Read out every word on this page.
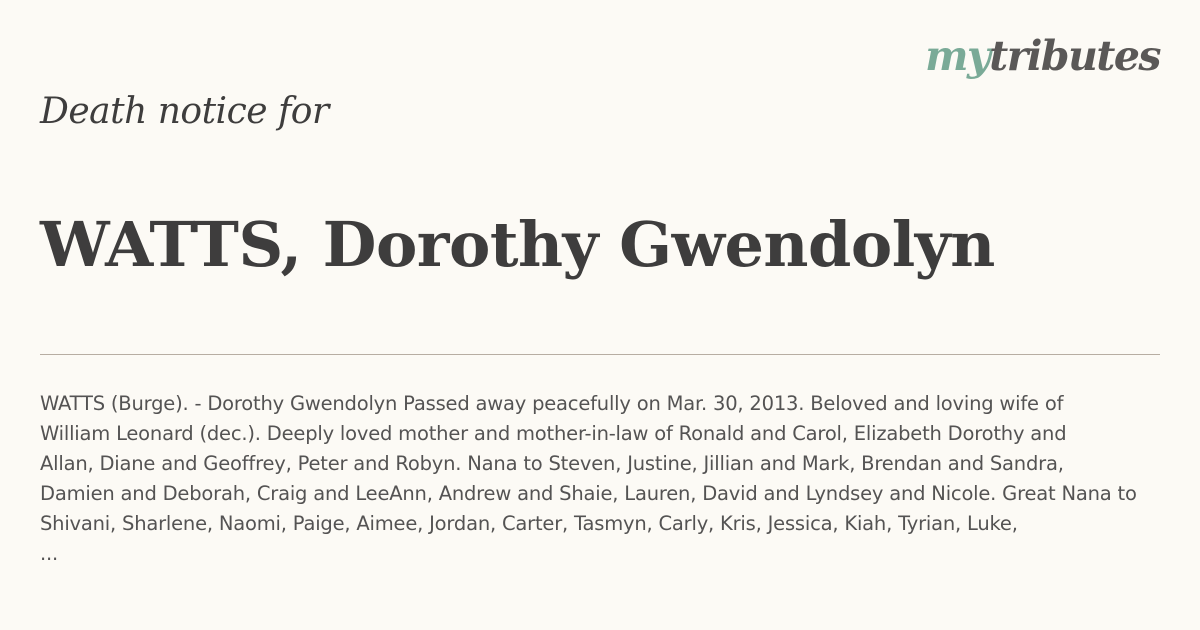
mytributes

Death notice for

WATTS, Dorothy Gwendolyn

WATTS (Burge). - Dorothy Gwendolyn Passed away peacefully on Mar. 30, 2013. Beloved and loving wife of
William Leonard (dec.). Deeply loved mother and mother-in-law of Ronald and Carol, Elizabeth Dorothy and
Allan, Diane and Geoffrey, Peter and Robyn. Nana to Steven, Justine, Jillian and Mark, Brendan and Sandra,
Damien and Deborah, Craig and LeeAnn, Andrew and Shaie, Lauren, David and Lyndsey and Nicole. Great Nana to
Shivani, Sharlene, Naomi, Paige, Aimee, Jordan, Carter, Tasmyn, Carly, Kris, Jessica, Kiah, Tyrian, Luke,
...
